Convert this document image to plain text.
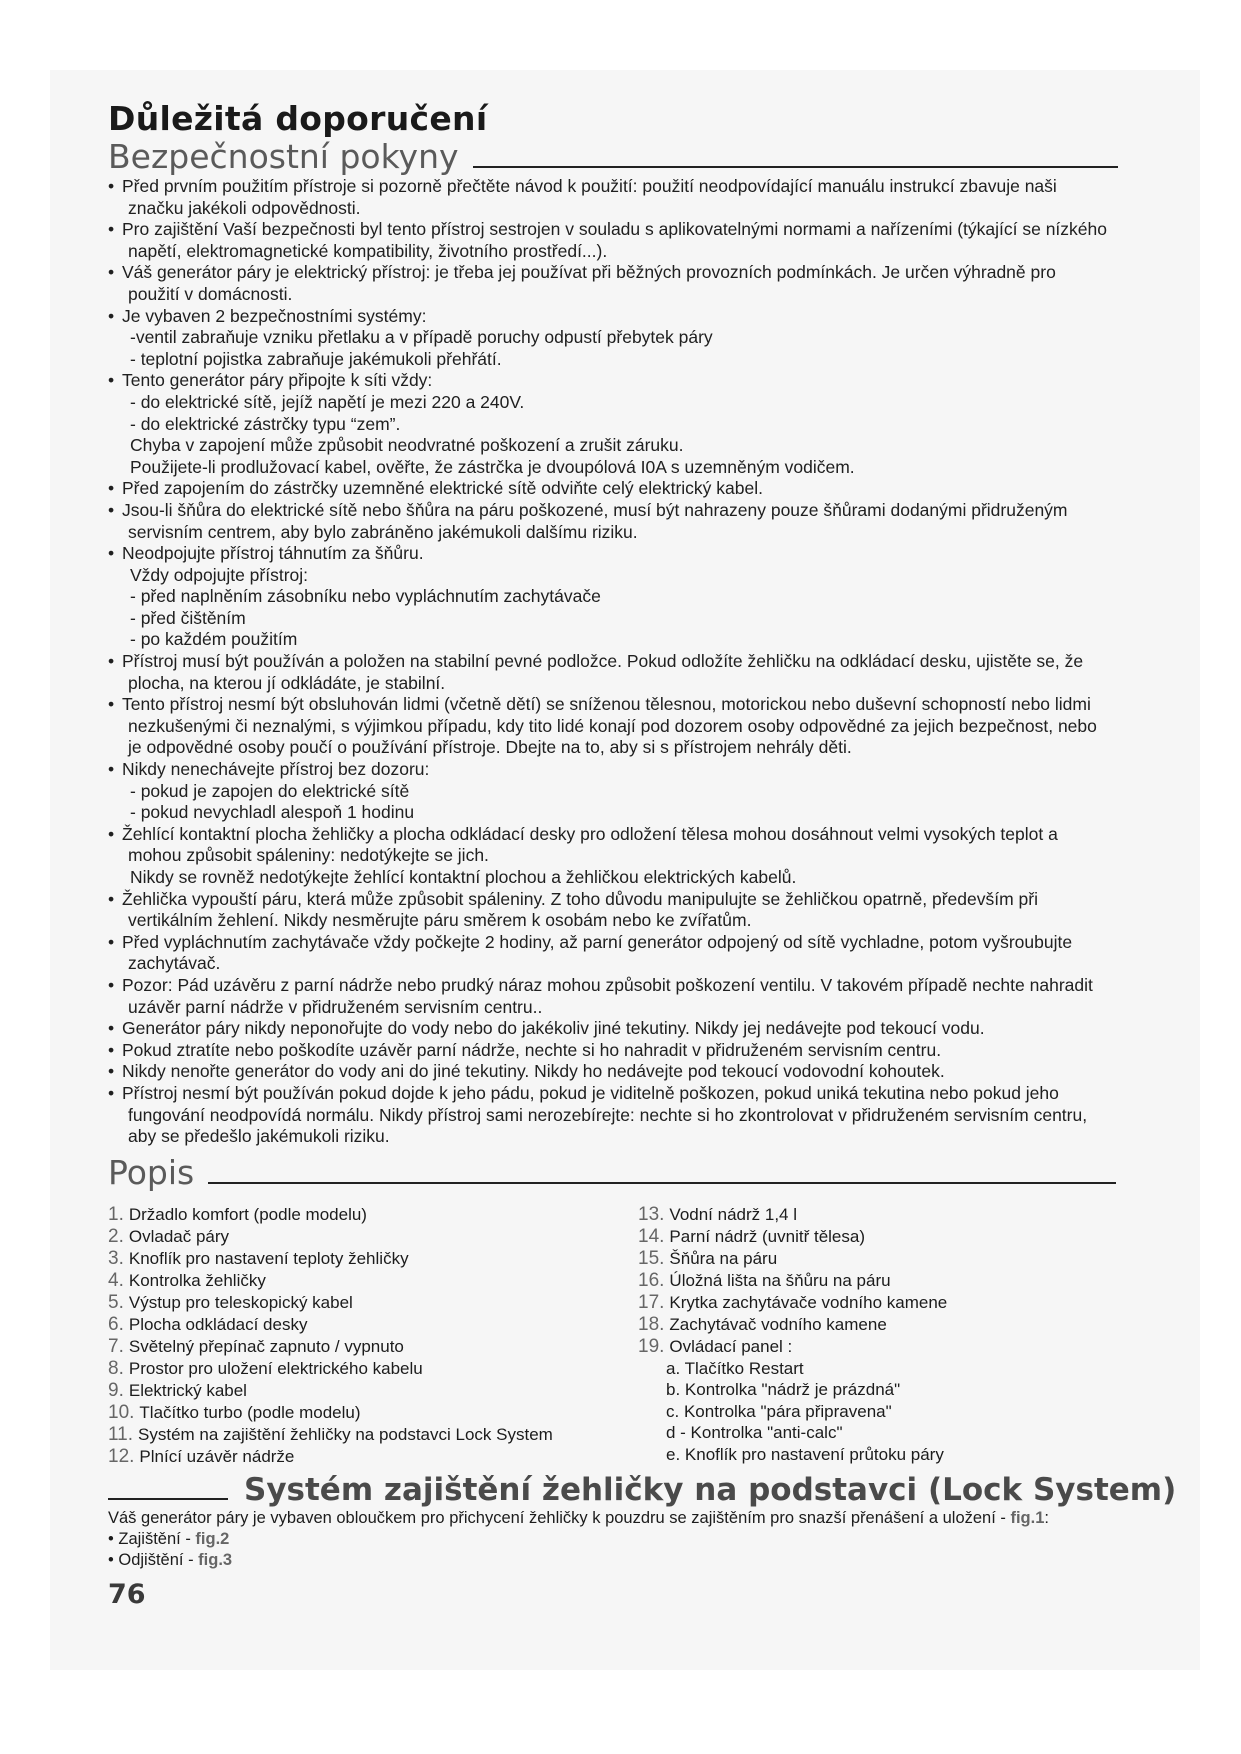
Důležitá doporučení
Bezpečnostní pokyny
• Před prvním použitím přístroje si pozorně přečtěte návod k použití: použití neodpovídající manuálu instrukcí zbavuje naši
značku jakékoli odpovědnosti.
• Pro zajištění Vaší bezpečnosti byl tento přístroj sestrojen v souladu s aplikovatelnými normami a nařízeními (týkající se nízkého
napětí, elektromagnetické kompatibility, životního prostředí...).
• Váš generátor páry je elektrický přístroj: je třeba jej používat při běžných provozních podmínkách. Je určen výhradně pro
použití v domácnosti.
• Je vybaven 2 bezpečnostními systémy:
-ventil zabraňuje vzniku přetlaku a v případě poruchy odpustí přebytek páry
- teplotní pojistka zabraňuje jakémukoli přehřátí.
• Tento generátor páry připojte k síti vždy:
- do elektrické sítě, jejíž napětí je mezi 220 a 240V.
- do elektrické zástrčky typu “zem”.
Chyba v zapojení může způsobit neodvratné poškození a zrušit záruku.
Použijete-li prodlužovací kabel, ověřte, že zástrčka je dvoupólová I0A s uzemněným vodičem.
• Před zapojením do zástrčky uzemněné elektrické sítě odviňte celý elektrický kabel.
• Jsou-li šňůra do elektrické sítě nebo šňůra na páru poškozené, musí být nahrazeny pouze šňůrami dodanými přidruženým
servisním centrem, aby bylo zabráněno jakémukoli dalšímu riziku.
• Neodpojujte přístroj táhnutím za šňůru.
Vždy odpojujte přístroj:
- před naplněním zásobníku nebo vypláchnutím zachytávače
- před čištěním
- po každém použitím
• Přístroj musí být používán a položen na stabilní pevné podložce. Pokud odložíte žehličku na odkládací desku, ujistěte se, že
plocha, na kterou jí odkládáte, je stabilní.
• Tento přístroj nesmí být obsluhován lidmi (včetně dětí) se sníženou tělesnou, motorickou nebo duševní schopností nebo lidmi
nezkušenými či neznalými, s výjimkou případu, kdy tito lidé konají pod dozorem osoby odpovědné za jejich bezpečnost, nebo
je odpovědné osoby poučí o používání přístroje. Dbejte na to, aby si s přístrojem nehrály děti.
• Nikdy nenechávejte přístroj bez dozoru:
- pokud je zapojen do elektrické sítě
- pokud nevychladl alespoň 1 hodinu
• Žehlící kontaktní plocha žehličky a plocha odkládací desky pro odložení tělesa mohou dosáhnout velmi vysokých teplot a
mohou způsobit spáleniny: nedotýkejte se jich.
Nikdy se rovněž nedotýkejte žehlící kontaktní plochou a žehličkou elektrických kabelů.
• Žehlička vypouští páru, která může způsobit spáleniny. Z toho důvodu manipulujte se žehličkou opatrně, především při
vertikálním žehlení. Nikdy nesměrujte páru směrem k osobám nebo ke zvířatům.
• Před vypláchnutím zachytávače vždy počkejte 2 hodiny, až parní generátor odpojený od sítě vychladne, potom vyšroubujte
zachytávač.
• Pozor: Pád uzávěru z parní nádrže nebo prudký náraz mohou způsobit poškození ventilu. V takovém případě nechte nahradit
uzávěr parní nádrže v přidruženém servisním centru..
• Generátor páry nikdy neponořujte do vody nebo do jakékoliv jiné tekutiny. Nikdy jej nedávejte pod tekoucí vodu.
• Pokud ztratíte nebo poškodíte uzávěr parní nádrže, nechte si ho nahradit v přidruženém servisním centru.
• Nikdy nenořte generátor do vody ani do jiné tekutiny. Nikdy ho nedávejte pod tekoucí vodovodní kohoutek.
• Přístroj nesmí být používán pokud dojde k jeho pádu, pokud je viditelně poškozen, pokud uniká tekutina nebo pokud jeho
fungování neodpovídá normálu. Nikdy přístroj sami nerozebírejte: nechte si ho zkontrolovat v přidruženém servisním centru,
aby se předešlo jakémukoli riziku.
Popis
1. Držadlo komfort (podle modelu)
2. Ovladač páry
3. Knoflík pro nastavení teploty žehličky
4. Kontrolka žehličky
5. Výstup pro teleskopický kabel
6. Plocha odkládací desky
7. Světelný přepínač zapnuto / vypnuto
8. Prostor pro uložení elektrického kabelu
9. Elektrický kabel
10. Tlačítko turbo (podle modelu)
11. Systém na zajištění žehličky na podstavci Lock System
12. Plnící uzávěr nádrže
13. Vodní nádrž 1,4 l
14. Parní nádrž (uvnitř tělesa)
15. Šňůra na páru
16. Úložná lišta na šňůru na páru
17. Krytka zachytávače vodního kamene
18. Zachytávač vodního kamene
19. Ovládací panel :
a. Tlačítko Restart
b. Kontrolka "nádrž je prázdná"
c. Kontrolka "pára připravena"
d - Kontrolka "anti-calc"
e. Knoflík pro nastavení průtoku páry
Systém zajištění žehličky na podstavci (Lock System)
Váš generátor páry je vybaven obloučkem pro přichycení žehličky k pouzdru se zajištěním pro snazší přenášení a uložení - fig.1:
• Zajištění - fig.2
• Odjištění - fig.3
76
